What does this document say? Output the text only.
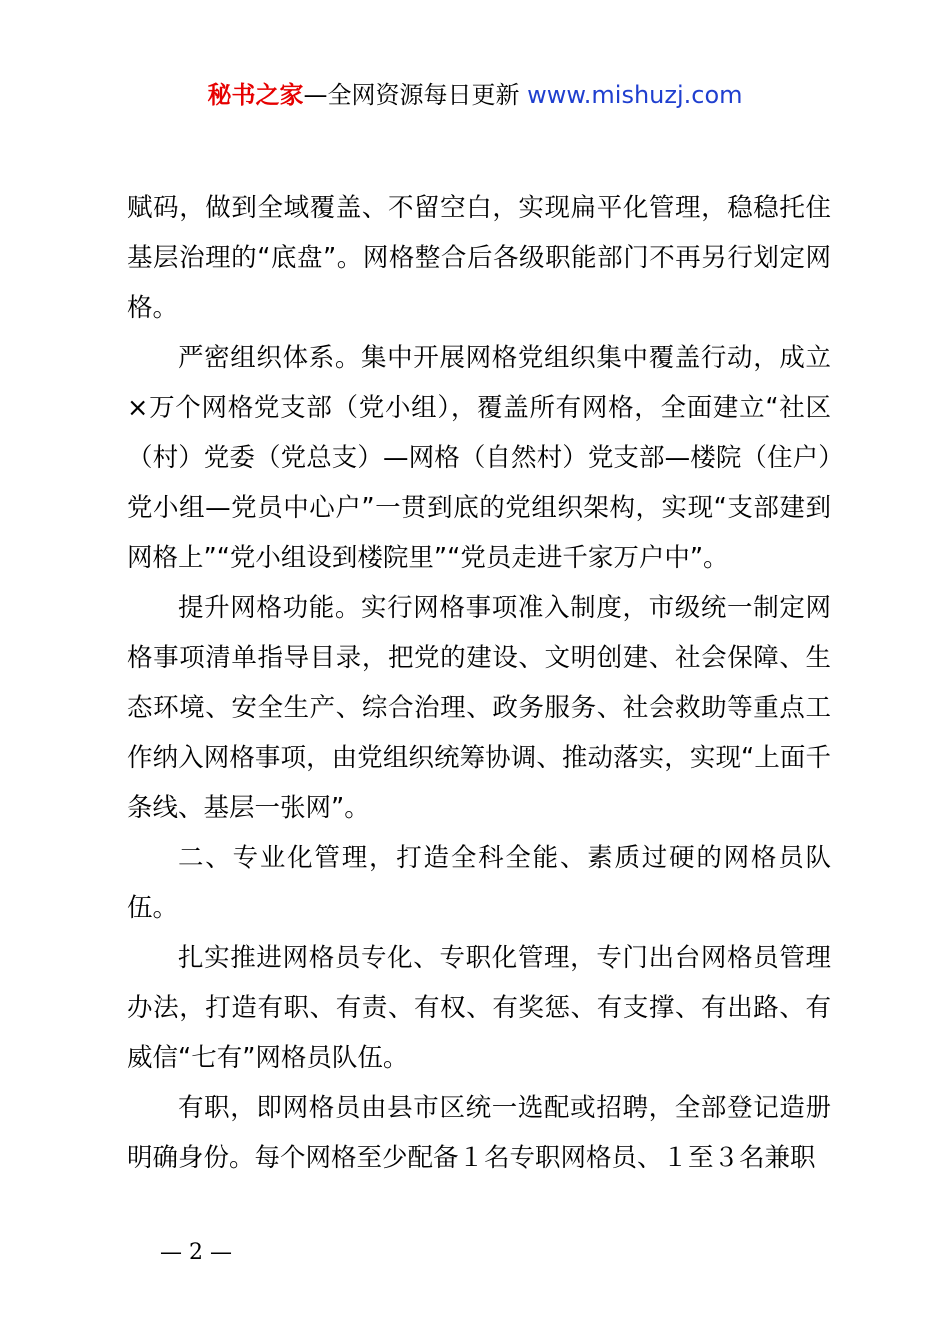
秘书之家—全网资源每日更新 www.mishuzj.com

赋码，做到全域覆盖、不留空白，实现扁平化管理，稳稳托住基层治理的“底盘”。网格整合后各级职能部门不再另行划定网格。

严密组织体系。集中开展网格党组织集中覆盖行动，成立×万个网格党支部（党小组），覆盖所有网格，全面建立“社区（村）党委（党总支）—网格（自然村）党支部—楼院（住户）党小组—党员中心户”一贯到底的党组织架构，实现“支部建到网格上”“党小组设到楼院里”“党员走进千家万户中”。

提升网格功能。实行网格事项准入制度，市级统一制定网格事项清单指导目录，把党的建设、文明创建、社会保障、生态环境、安全生产、综合治理、政务服务、社会救助等重点工作纳入网格事项，由党组织统筹协调、推动落实，实现“上面千条线、基层一张网”。

二、专业化管理，打造全科全能、素质过硬的网格员队伍。

扎实推进网格员专化、专职化管理，专门出台网格员管理办法，打造有职、有责、有权、有奖惩、有支撑、有出路、有威信“七有”网格员队伍。

有职，即网格员由县市区统一选配或招聘，全部登记造册明确身份。每个网格至少配备１名专职网格员、１至３名兼职

— 2 —
